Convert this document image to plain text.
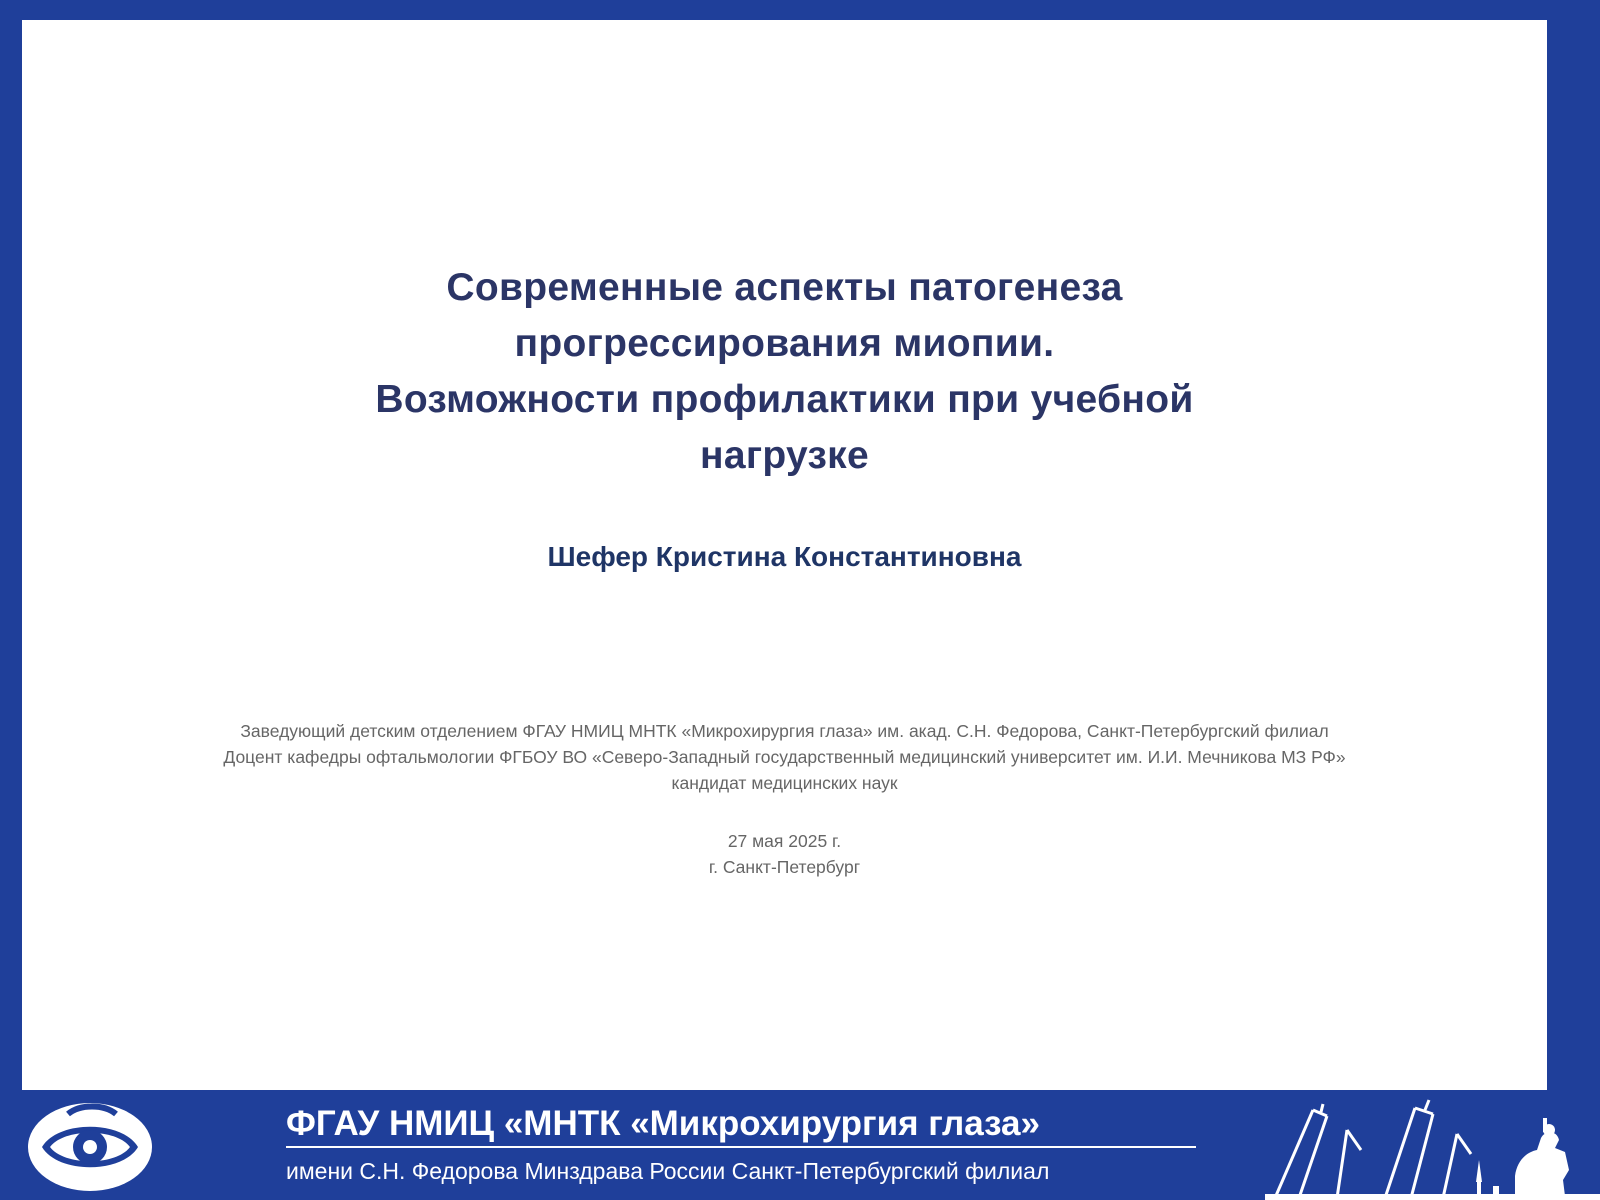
Современные аспекты патогенеза
прогрессирования миопии.
Возможности профилактики при учебной
нагрузке
Шефер Кристина Константиновна
Заведующий детским отделением ФГАУ НМИЦ МНТК «Микрохирургия глаза» им. акад. С.Н. Федорова, Санкт-Петербургский филиал
Доцент кафедры офтальмологии ФГБОУ ВО «Северо-Западный государственный медицинский университет им. И.И. Мечникова МЗ РФ»
кандидат медицинских наук
27 мая 2025 г.
г. Санкт-Петербург
ФГАУ НМИЦ «МНТК «Микрохирургия глаза»
имени С.Н. Федорова Минздрава России Санкт-Петербургский филиал
